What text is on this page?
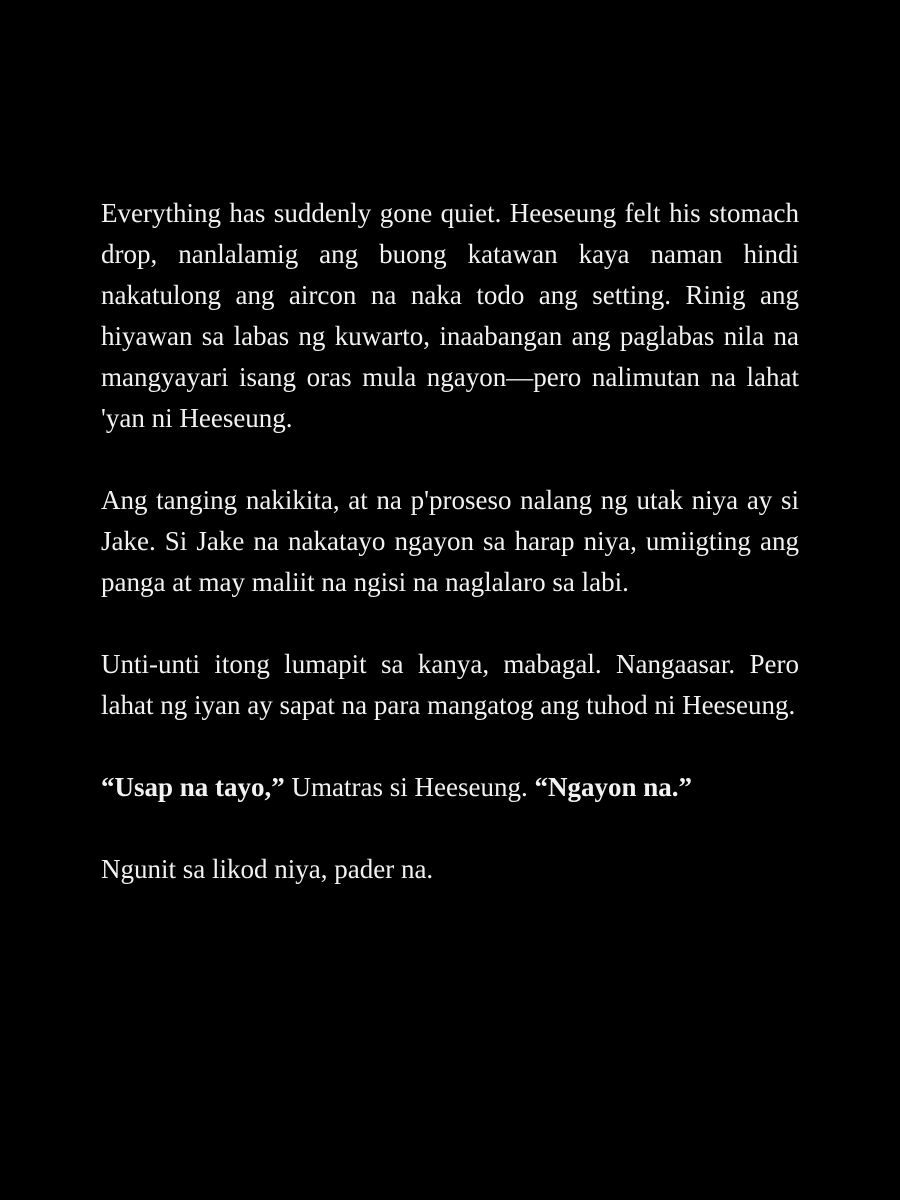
Everything has suddenly gone quiet. Heeseung felt his stomach drop, nanlalamig ang buong katawan kaya naman hindi nakatulong ang aircon na naka todo ang setting. Rinig ang hiyawan sa labas ng kuwarto, inaabangan ang paglabas nila na mangyayari isang oras mula ngayon—pero nalimutan na lahat 'yan ni Heeseung.

Ang tanging nakikita, at na p'proseso nalang ng utak niya ay si Jake. Si Jake na nakatayo ngayon sa harap niya, umiigting ang panga at may maliit na ngisi na naglalaro sa labi.

Unti-unti itong lumapit sa kanya, mabagal. Nangaasar. Pero lahat ng iyan ay sapat na para mangatog ang tuhod ni Heeseung.

“Usap na tayo,” Umatras si Heeseung. “Ngayon na.”

Ngunit sa likod niya, pader na.
